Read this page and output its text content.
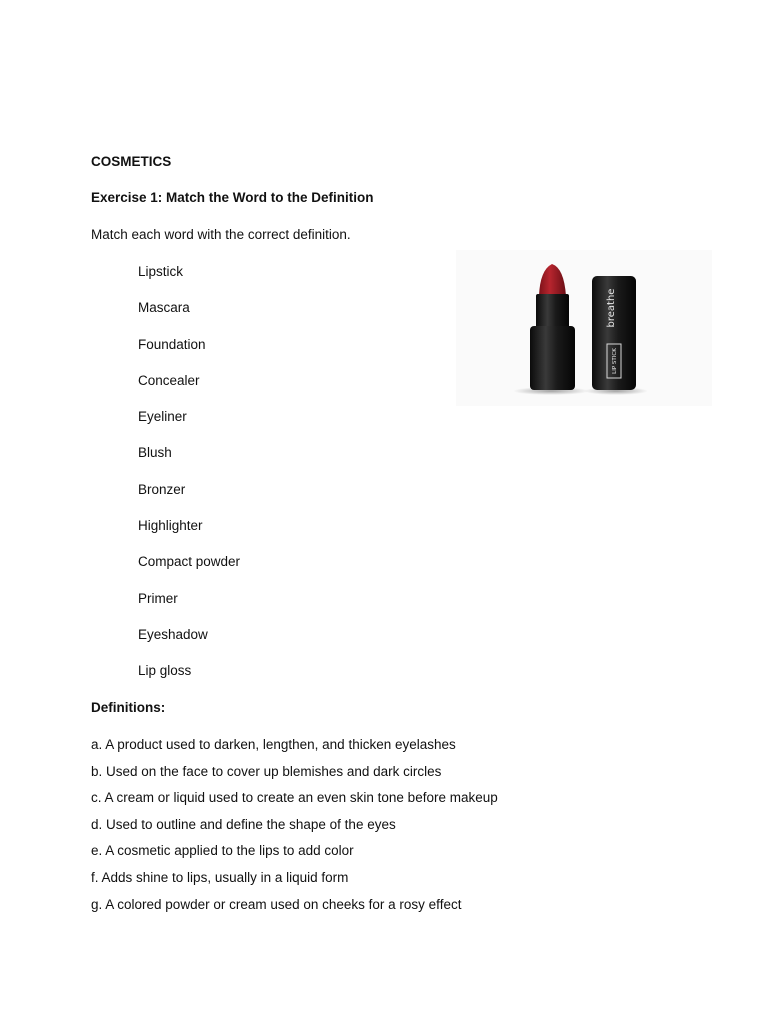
COSMETICS
Exercise 1: Match the Word to the Definition
Match each word with the correct definition.
Lipstick
Mascara
Foundation
Concealer
Eyeliner
Blush
Bronzer
Highlighter
Compact powder
Primer
Eyeshadow
Lip gloss
Definitions:
a. A product used to darken, lengthen, and thicken eyelashes
b. Used on the face to cover up blemishes and dark circles
c. A cream or liquid used to create an even skin tone before makeup
d. Used to outline and define the shape of the eyes
e. A cosmetic applied to the lips to add color
f. Adds shine to lips, usually in a liquid form
g. A colored powder or cream used on cheeks for a rosy effect
breathe
LIP STICK
